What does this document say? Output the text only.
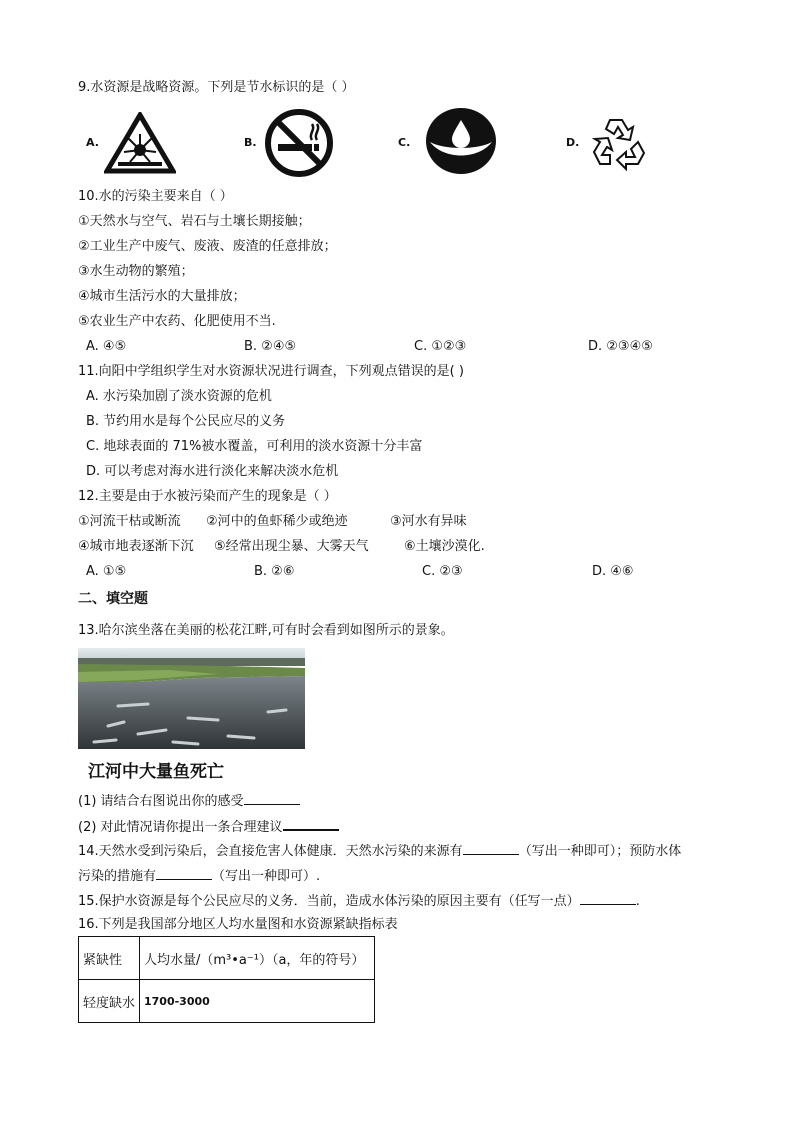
9.水资源是战略资源。下列是节水标识的是（ ）
A.	B.	C.	D.
10.水的污染主要来自（ ）
①天然水与空气、岩石与土壤长期接触；
②工业生产中废气、废液、废渣的任意排放；
③水生动物的繁殖；
④城市生活污水的大量排放；
⑤农业生产中农药、化肥使用不当.
A. ④⑤	B. ②④⑤	C. ①②③	D. ②③④⑤
11.向阳中学组织学生对水资源状况进行调查，下列观点错误的是( )
A. 水污染加剧了淡水资源的危机
B. 节约用水是每个公民应尽的义务
C. 地球表面的 71%被水覆盖，可利用的淡水资源十分丰富
D. 可以考虑对海水进行淡化来解决淡水危机
12.主要是由于水被污染而产生的现象是（ ）
①河流干枯或断流 ②河中的鱼虾稀少或绝迹	③河水有异味
④城市地表逐渐下沉 ⑤经常出现尘暴、大雾天气	⑥土壤沙漠化.
A. ①⑤	B. ②⑥	C. ②③	D. ④⑥
二、填空题
13.哈尔滨坐落在美丽的松花江畔,可有时会看到如图所示的景象。
江河中大量鱼死亡
(1) 请结合右图说出你的感受
(2) 对此情况请你提出一条合理建议
14.天然水受到污染后，会直接危害人体健康．天然水污染的来源有	（写出一种即可）；预防水体
污染的措施有	（写出一种即可）.
15.保护水资源是每个公民应尽的义务．当前，造成水体污染的原因主要有（任写一点）	.
16.下列是我国部分地区人均水量图和水资源紧缺指标表
紧缺性	人均水量/（m³•a⁻¹）（a，年的符号）
轻度缺水	1700-3000
